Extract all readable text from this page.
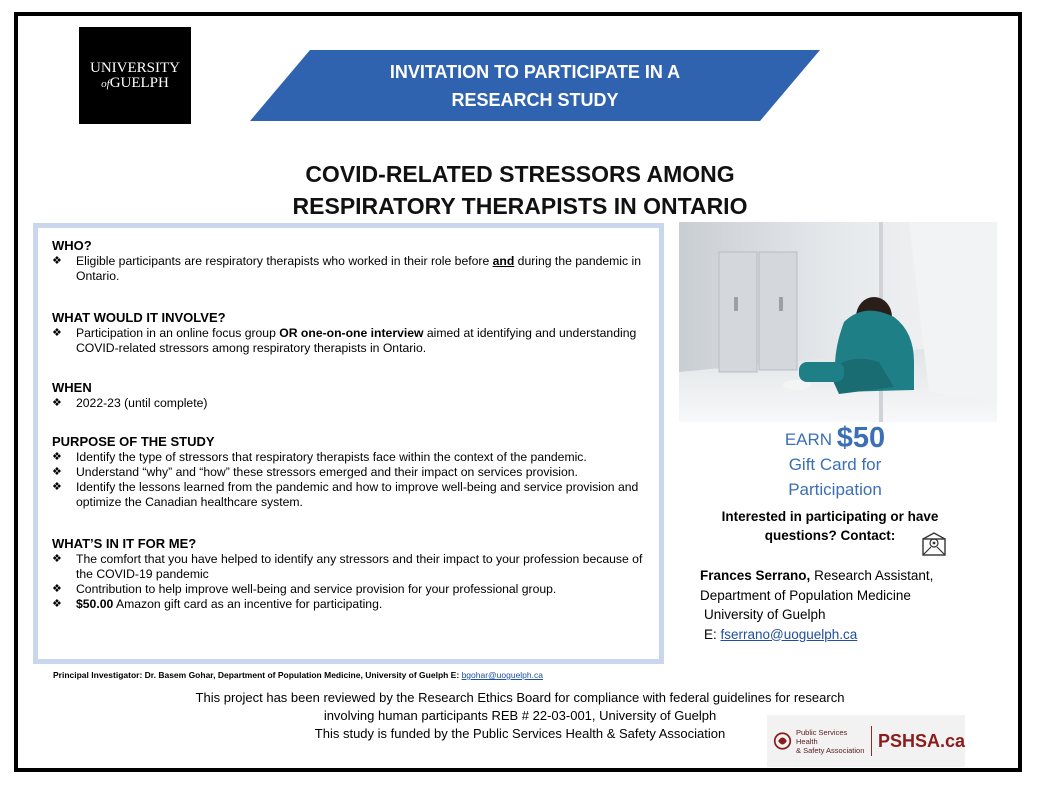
UNIVERSITY
ofGUELPH
INVITATION TO PARTICIPATE IN A
RESEARCH STUDY
COVID-RELATED STRESSORS AMONG
RESPIRATORY THERAPISTS IN ONTARIO
WHO?
❖ Eligible participants are respiratory therapists who worked in their role before and during the pandemic in Ontario.
WHAT WOULD IT INVOLVE?
❖ Participation in an online focus group OR one-on-one interview aimed at identifying and understanding COVID-related stressors among respiratory therapists in Ontario.
WHEN
❖ 2022-23 (until complete)
PURPOSE OF THE STUDY
❖ Identify the type of stressors that respiratory therapists face within the context of the pandemic.
❖ Understand “why” and “how” these stressors emerged and their impact on services provision.
❖ Identify the lessons learned from the pandemic and how to improve well-being and service provision and optimize the Canadian healthcare system.
WHAT’S IN IT FOR ME?
❖ The comfort that you have helped to identify any stressors and their impact to your profession because of the COVID-19 pandemic
❖ Contribution to help improve well-being and service provision for your professional group.
❖ $50.00 Amazon gift card as an incentive for participating.
EARN $50
Gift Card for
Participation
Interested in participating or have
questions? Contact:
Frances Serrano, Research Assistant,
Department of Population Medicine
University of Guelph
E: fserrano@uoguelph.ca
Principal Investigator: Dr. Basem Gohar, Department of Population Medicine, University of Guelph E: bgohar@uoguelph.ca
This project has been reviewed by the Research Ethics Board for compliance with federal guidelines for research
involving human participants REB # 22-03-001, University of Guelph
This study is funded by the Public Services Health & Safety Association	Public Services Health
& Safety Association PSHSA.ca
